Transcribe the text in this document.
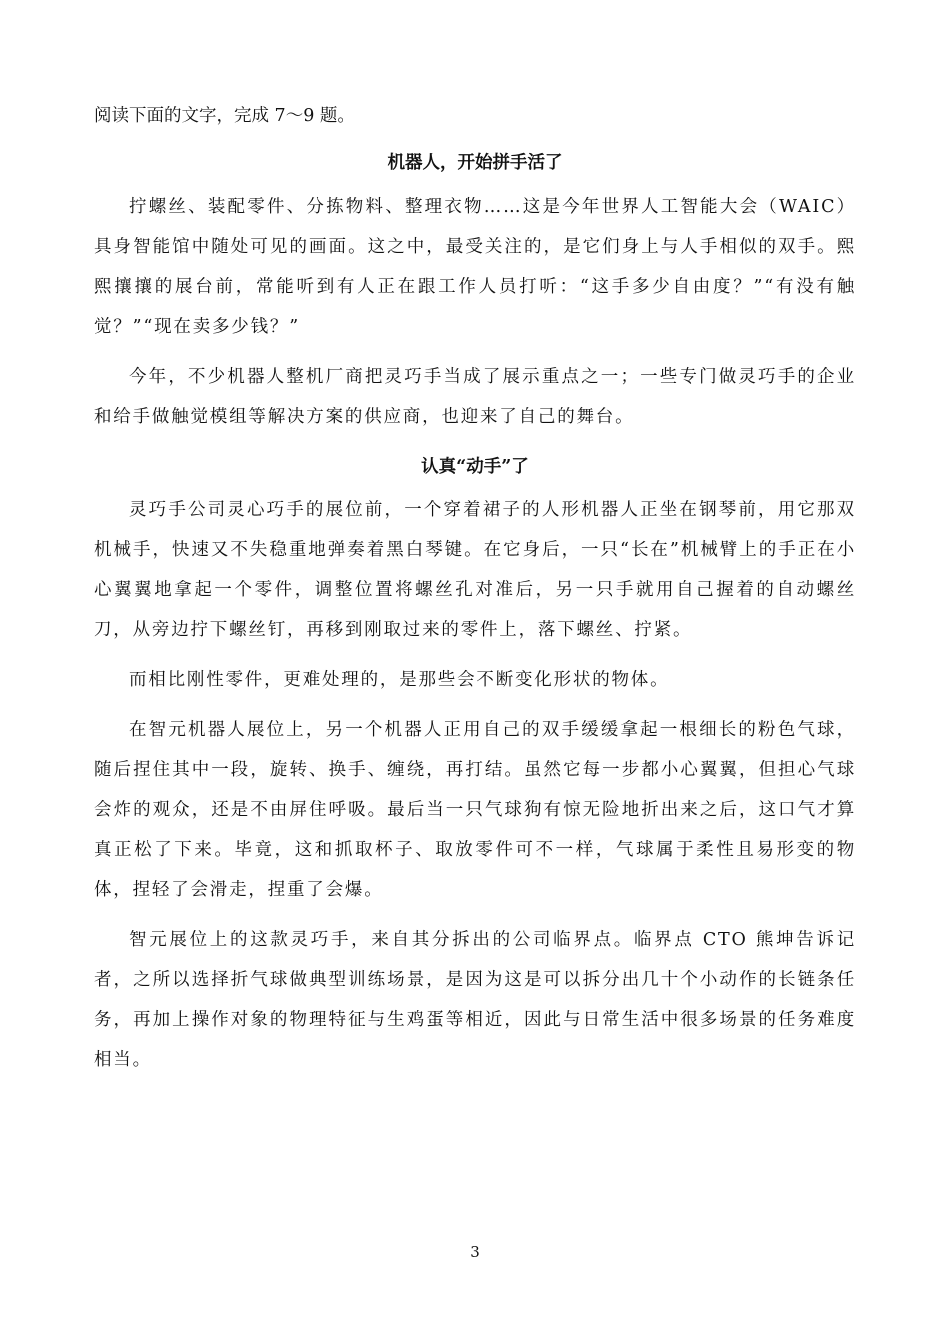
阅读下面的文字，完成 7～9 题。

机器人，开始拼手活了

拧螺丝、装配零件、分拣物料、整理衣物……这是今年世界人工智能大会（WAIC）具身智能馆中随处可见的画面。这之中，最受关注的，是它们身上与人手相似的双手。熙熙攘攘的展台前，常能听到有人正在跟工作人员打听：“这手多少自由度？”“有没有触觉？”“现在卖多少钱？”

今年，不少机器人整机厂商把灵巧手当成了展示重点之一；一些专门做灵巧手的企业和给手做触觉模组等解决方案的供应商，也迎来了自己的舞台。

认真“动手”了

灵巧手公司灵心巧手的展位前，一个穿着裙子的人形机器人正坐在钢琴前，用它那双机械手，快速又不失稳重地弹奏着黑白琴键。在它身后，一只“长在”机械臂上的手正在小心翼翼地拿起一个零件，调整位置将螺丝孔对准后，另一只手就用自己握着的自动螺丝刀，从旁边拧下螺丝钉，再移到刚取过来的零件上，落下螺丝、拧紧。

而相比刚性零件，更难处理的，是那些会不断变化形状的物体。

在智元机器人展位上，另一个机器人正用自己的双手缓缓拿起一根细长的粉色气球，随后捏住其中一段，旋转、换手、缠绕，再打结。虽然它每一步都小心翼翼，但担心气球会炸的观众，还是不由屏住呼吸。最后当一只气球狗有惊无险地折出来之后，这口气才算真正松了下来。毕竟，这和抓取杯子、取放零件可不一样，气球属于柔性且易形变的物体，捏轻了会滑走，捏重了会爆。

智元展位上的这款灵巧手，来自其分拆出的公司临界点。临界点 CTO 熊坤告诉记者，之所以选择折气球做典型训练场景，是因为这是可以拆分出几十个小动作的长链条任务，再加上操作对象的物理特征与生鸡蛋等相近，因此与日常生活中很多场景的任务难度相当。

3
